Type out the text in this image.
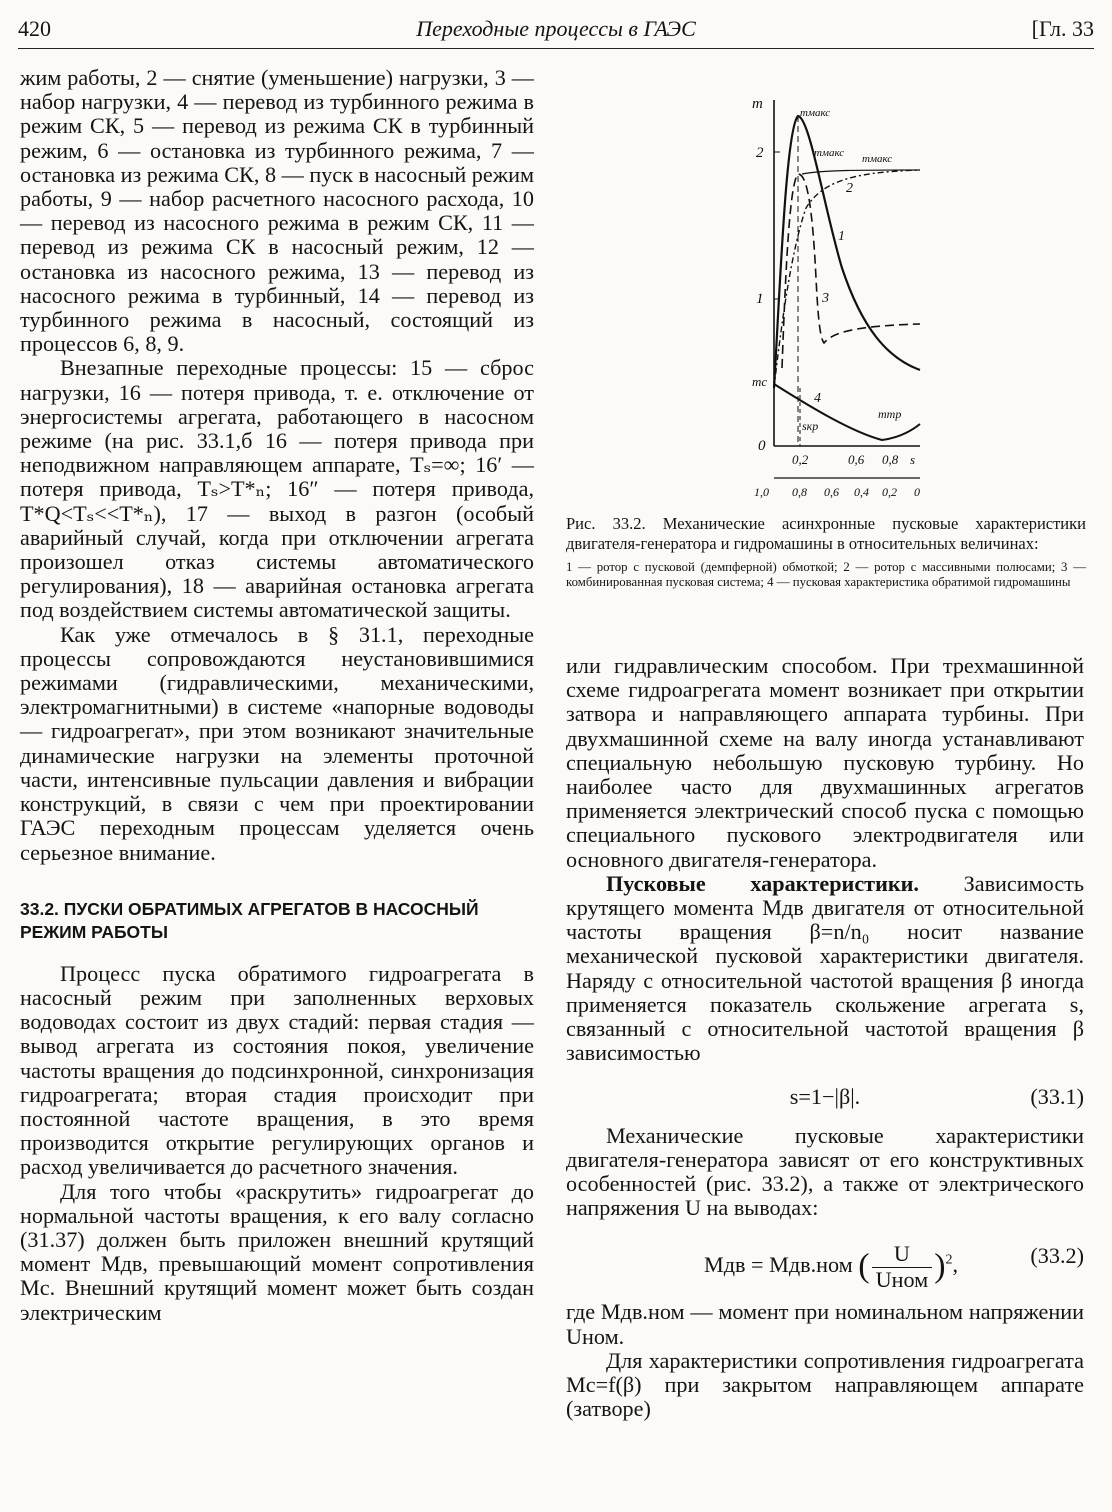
420	Переходные процессы в ГАЭС	[Гл. 33

жим работы, 2 — снятие (уменьшение) нагрузки, 3 — набор нагрузки, 4 — перевод из турбинного режима в режим СК, 5 — перевод из режима СК в турбинный режим, 6 — остановка из турбинного режима, 7 — остановка из режима СК, 8 — пуск в насосный режим работы, 9 — набор расчетного насосного расхода, 10 — перевод из насосного режима в режим СК, 11 — перевод из режима СК в насосный режим, 12 — остановка из насосного режима, 13 — перевод из насосного режима в турбинный, 14 — перевод из турбинного режима в насосный, состоящий из процессов 6, 8, 9.

Внезапные переходные процессы: 15 — сброс нагрузки, 16 — потеря привода, т. е. отключение от энергосистемы агрегата, работающего в насосном режиме (на рис. 33.1,б 16 — потеря привода при неподвижном направляющем аппарате, Tₛ=∞; 16′ — потеря привода, Tₛ>T*ₙ; 16″ — потеря привода, T*Q<Tₛ<<T*ₙ), 17 — выход в разгон (особый аварийный случай, когда при отключении агрегата произошел отказ системы автоматического регулирования), 18 — аварийная остановка агрегата под воздействием системы автоматической защиты.

Как уже отмечалось в § 31.1, переходные процессы сопровождаются неустановившимися режимами (гидравлическими, механическими, электромагнитными) в системе «напорные водоводы — гидроагрегат», при этом возникают значительные динамические нагрузки на элементы проточной части, интенсивные пульсации давления и вибрации конструкций, в связи с чем при проектировании ГАЭС переходным процессам уделяется очень серьезное внимание.

33.2. ПУСКИ ОБРАТИМЫХ АГРЕГАТОВ В НАСОСНЫЙ РЕЖИМ РАБОТЫ

Процесс пуска обратимого гидроагрегата в насосный режим при заполненных верховых водоводах состоит из двух стадий: первая стадия — вывод агрегата из состояния покоя, увеличение частоты вращения до подсинхронной, синхронизация гидроагрегата; вторая стадия происходит при постоянной частоте вращения, в это время производится открытие регулирующих органов и расход увеличивается до расчетного значения.

Для того чтобы «раскрутить» гидроагрегат до нормальной частоты вращения, к его валу согласно (31.37) должен быть приложен внешний крутящий момент Mдв, превышающий момент сопротивления Mс. Внешний крутящий момент может быть создан электрическим

m
2
1
mс
0
mмакс
mмакс mмакс
1
2
3
4
sкр
mтр
0,2	0,6 0,8 s
1,0 0,8 0,6 0,4 0,2 0
Рис. 33.2. Механические асинхронные пусковые характеристики двигателя-генератора и гидромашины в относительных величинах:
1 — ротор с пусковой (демпферной) обмоткой; 2 — ротор с массивными полюсами; 3 — комбинированная пусковая система; 4 — пусковая характеристика обратимой гидромашины

или гидравлическим способом. При трехмашинной схеме гидроагрегата момент возникает при открытии затвора и направляющего аппарата турбины. При двухмашинной схеме на валу иногда устанавливают специальную небольшую пусковую турбину. Но наиболее часто для двухмашинных агрегатов применяется электрический способ пуска с помощью специального пускового электродвигателя или основного двигателя-генератора.

Пусковые характеристики. Зависимость крутящего момента Mдв двигателя от относительной частоты вращения β=n/n₀ носит название механической пусковой характеристики двигателя. Наряду с относительной частотой вращения β иногда применяется показатель скольжение агрегата s, связанный с относительной частотой вращения β зависимостью

s=1−|β|.	(33.1)

Механические пусковые характеристики двигателя-генератора зависят от его конструктивных особенностей (рис. 33.2), а также от электрического напряжения U на выводах:

Mдв = Mдв.ном ( $\frac{U}{\text{Uном}} )^2$,	(33.2)

где Mдв.ном — момент при номинальном напряжении Uном.

Для характеристики сопротивления гидроагрегата Mс=f(β) при закрытом направляющем аппарате (затворе)
